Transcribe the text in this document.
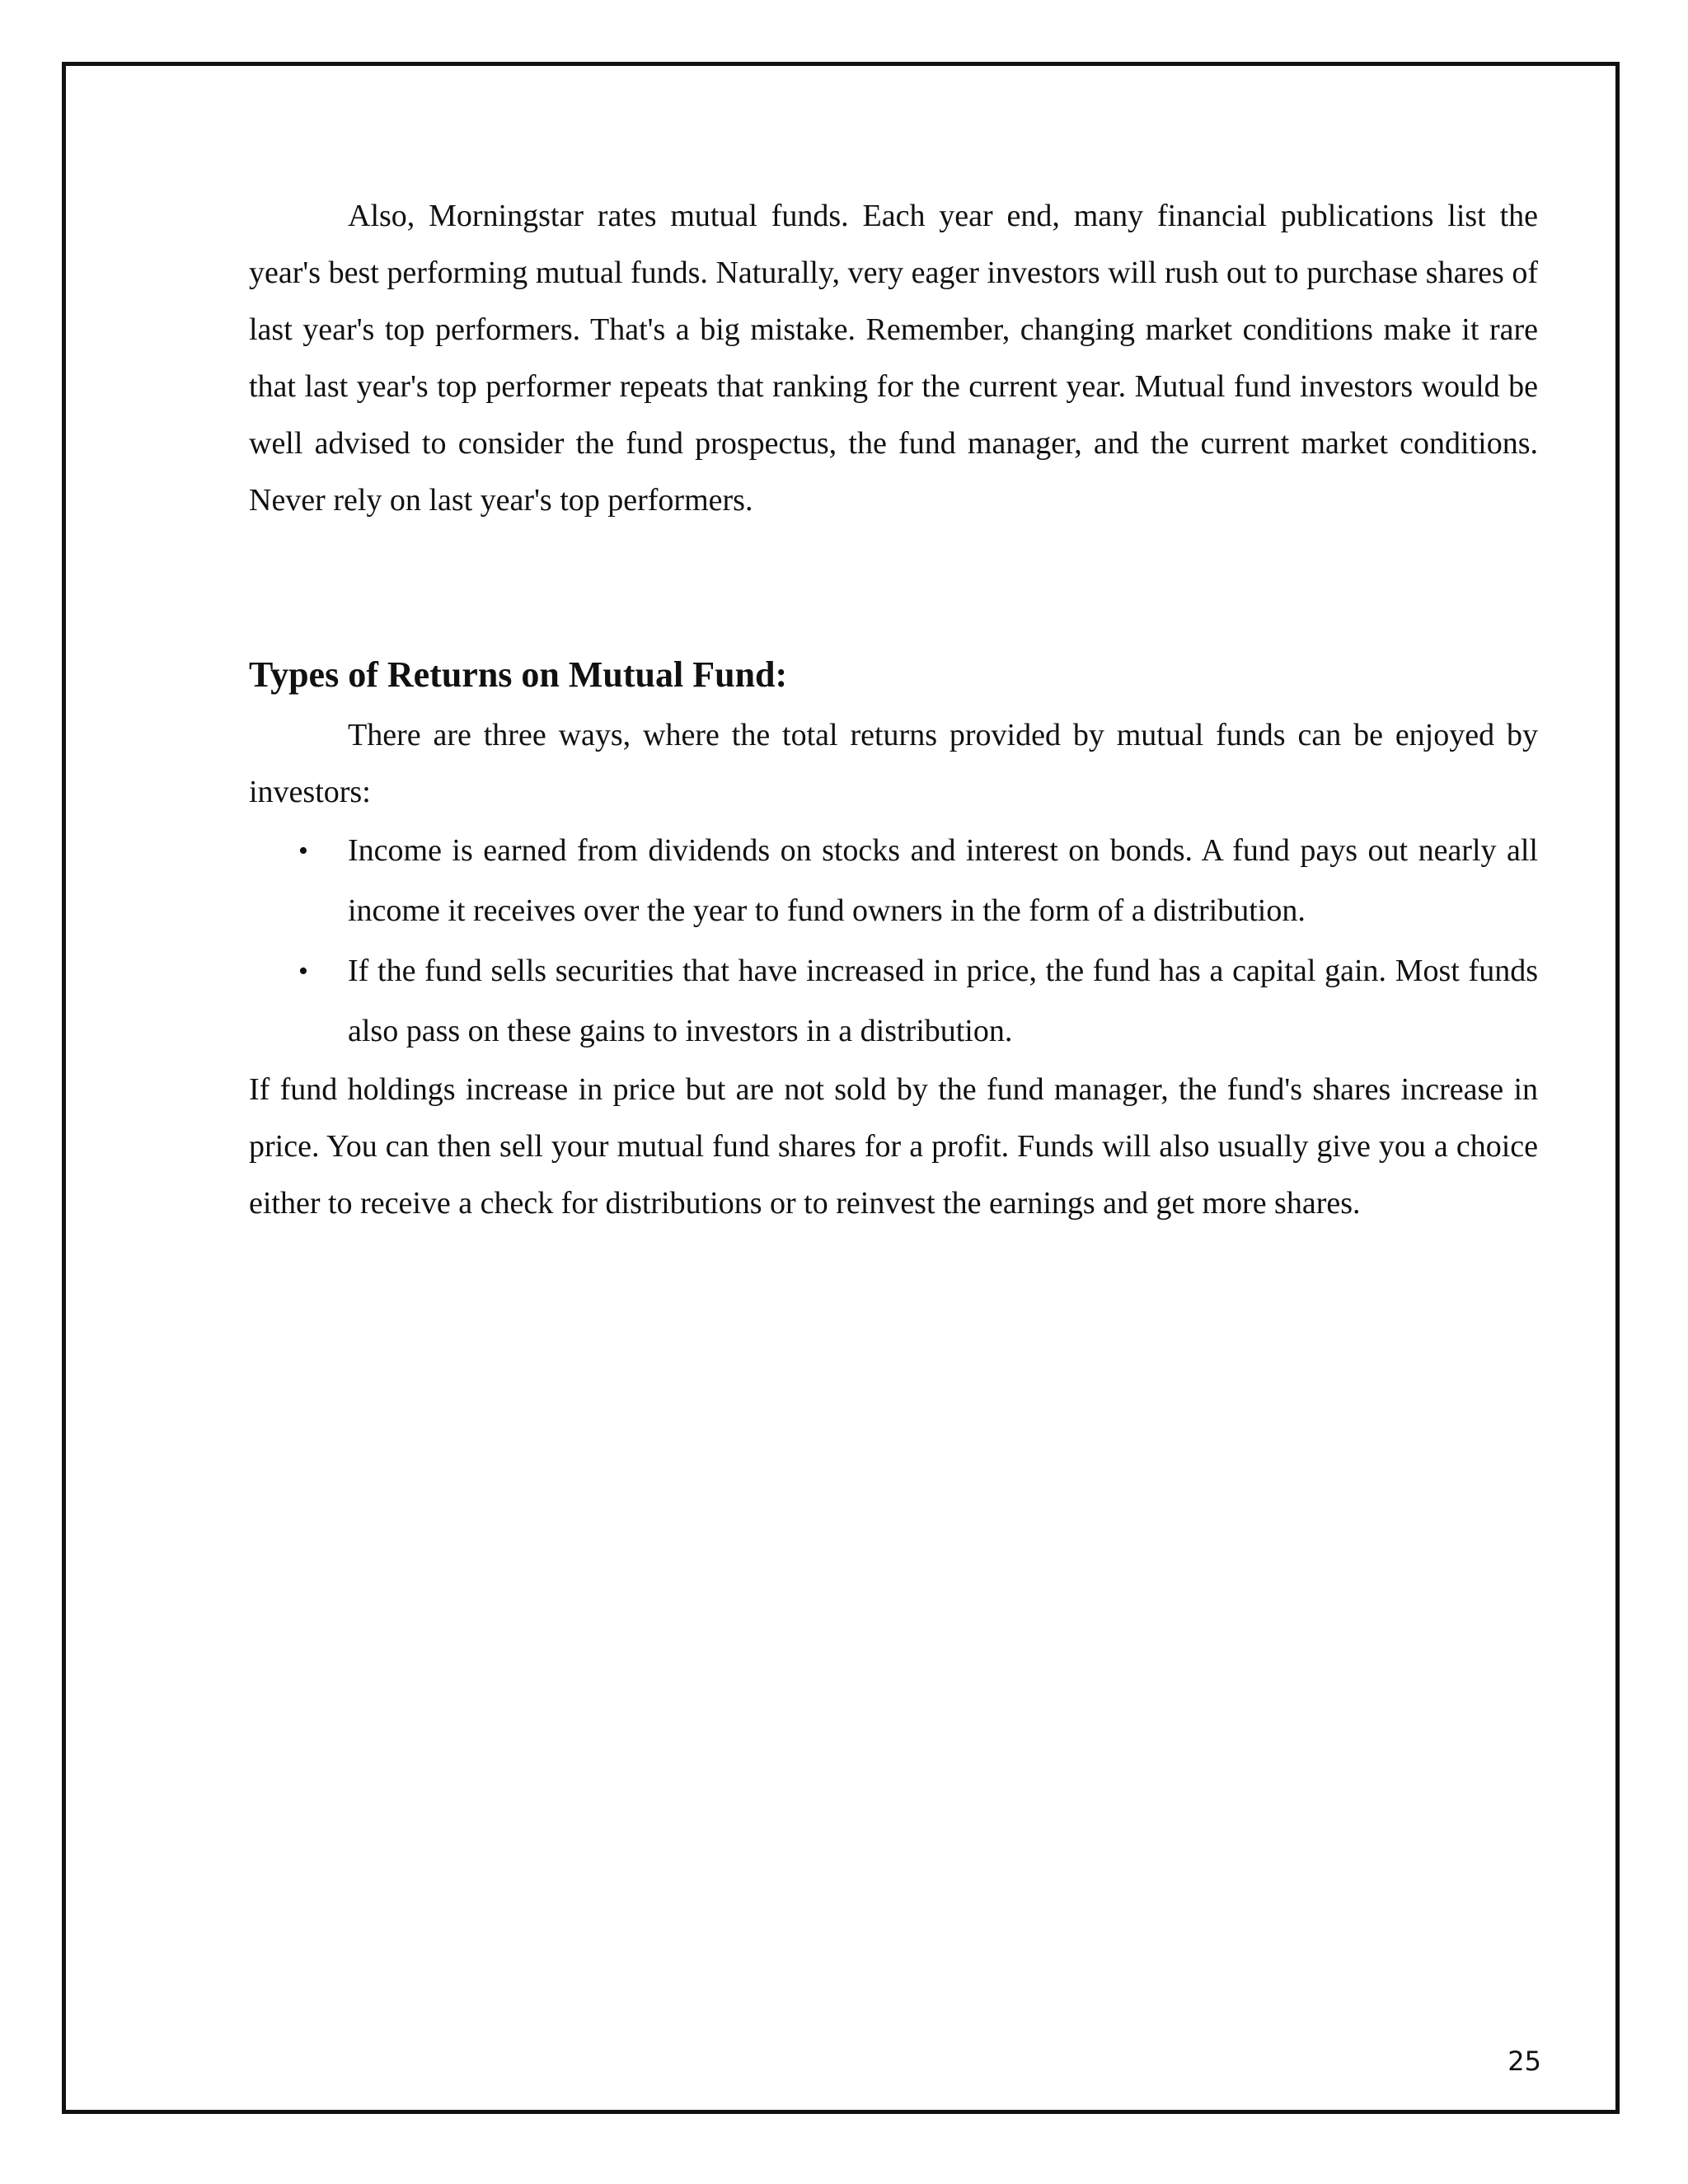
Also, Morningstar rates mutual funds. Each year end, many financial publications list the year's best performing mutual funds. Naturally, very eager investors will rush out to purchase shares of last year's top performers. That's a big mistake. Remember, changing market conditions make it rare that last year's top performer repeats that ranking for the current year. Mutual fund investors would be well advised to consider the fund prospectus, the fund manager, and the current market conditions. Never rely on last year's top performers.

Types of Returns on Mutual Fund:

There are three ways, where the total returns provided by mutual funds can be enjoyed by investors:

• Income is earned from dividends on stocks and interest on bonds. A fund pays out nearly all income it receives over the year to fund owners in the form of a distribution.
• If the fund sells securities that have increased in price, the fund has a capital gain. Most funds also pass on these gains to investors in a distribution.

If fund holdings increase in price but are not sold by the fund manager, the fund's shares increase in price. You can then sell your mutual fund shares for a profit. Funds will also usually give you a choice either to receive a check for distributions or to reinvest the earnings and get more shares.

25
